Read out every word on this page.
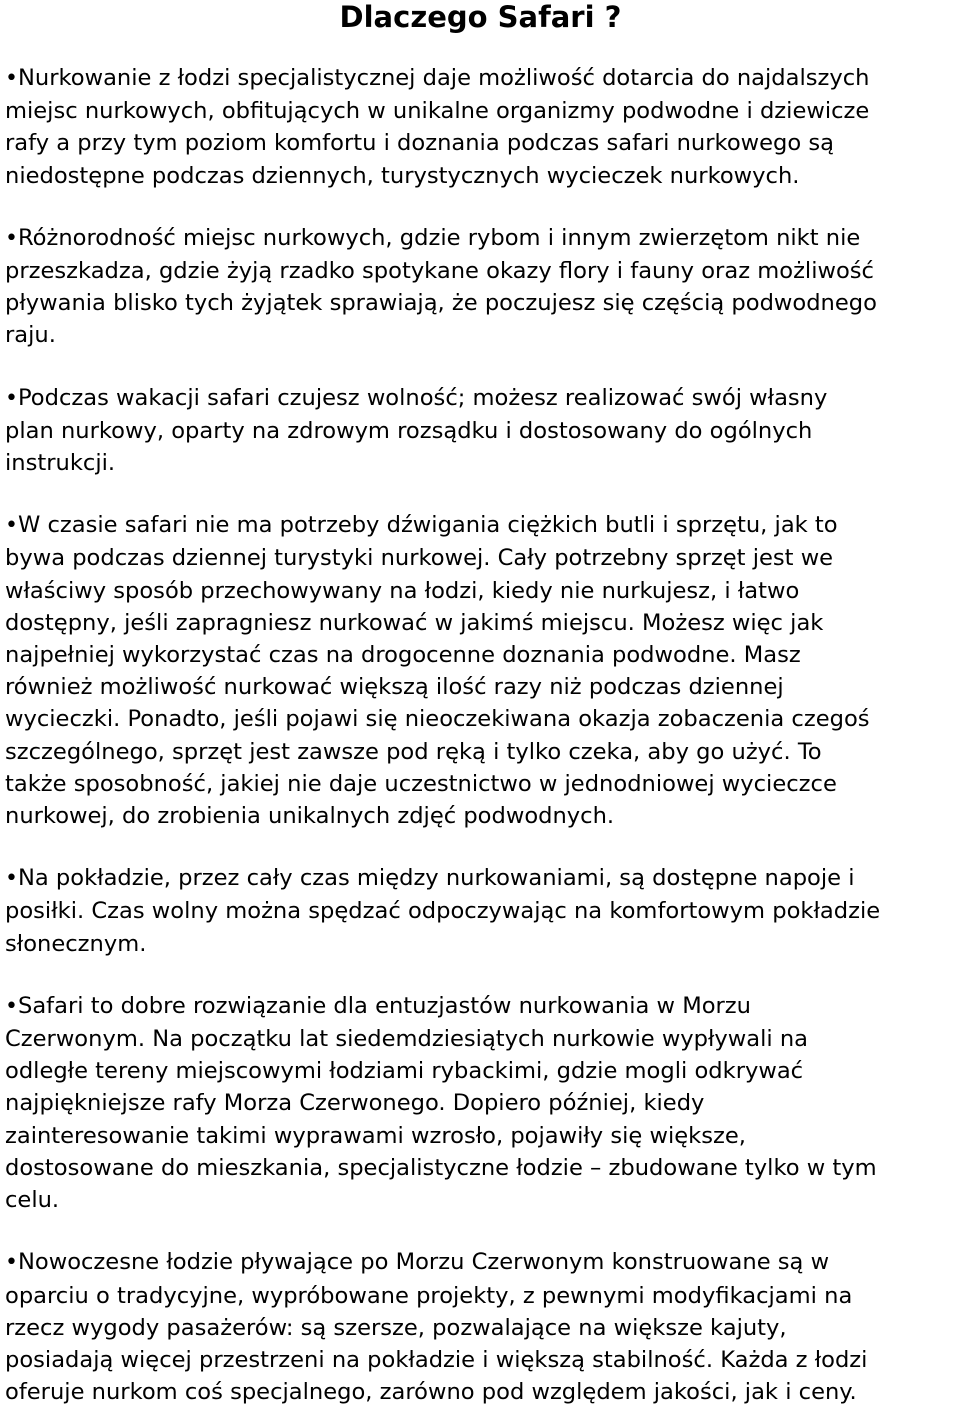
Dlaczego Safari ?

•Nurkowanie z łodzi specjalistycznej daje możliwość dotarcia do najdalszych
miejsc nurkowych, obfitujących w unikalne organizmy podwodne i dziewicze
rafy a przy tym poziom komfortu i doznania podczas safari nurkowego są
niedostępne podczas dziennych, turystycznych wycieczek nurkowych.

•Różnorodność miejsc nurkowych, gdzie rybom i innym zwierzętom nikt nie
przeszkadza, gdzie żyją rzadko spotykane okazy flory i fauny oraz możliwość
pływania blisko tych żyjątek sprawiają, że poczujesz się częścią podwodnego
raju.

•Podczas wakacji safari czujesz wolność; możesz realizować swój własny
plan nurkowy, oparty na zdrowym rozsądku i dostosowany do ogólnych
instrukcji.

•W czasie safari nie ma potrzeby dźwigania ciężkich butli i sprzętu, jak to
bywa podczas dziennej turystyki nurkowej. Cały potrzebny sprzęt jest we
właściwy sposób przechowywany na łodzi, kiedy nie nurkujesz, i łatwo
dostępny, jeśli zapragniesz nurkować w jakimś miejscu. Możesz więc jak
najpełniej wykorzystać czas na drogocenne doznania podwodne. Masz
również możliwość nurkować większą ilość razy niż podczas dziennej
wycieczki. Ponadto, jeśli pojawi się nieoczekiwana okazja zobaczenia czegoś
szczególnego, sprzęt jest zawsze pod ręką i tylko czeka, aby go użyć. To
także sposobność, jakiej nie daje uczestnictwo w jednodniowej wycieczce
nurkowej, do zrobienia unikalnych zdjęć podwodnych.

•Na pokładzie, przez cały czas między nurkowaniami, są dostępne napoje i
posiłki. Czas wolny można spędzać odpoczywając na komfortowym pokładzie
słonecznym.

•Safari to dobre rozwiązanie dla entuzjastów nurkowania w Morzu
Czerwonym. Na początku lat siedemdziesiątych nurkowie wypływali na
odległe tereny miejscowymi łodziami rybackimi, gdzie mogli odkrywać
najpiękniejsze rafy Morza Czerwonego. Dopiero później, kiedy
zainteresowanie takimi wyprawami wzrosło, pojawiły się większe,
dostosowane do mieszkania, specjalistyczne łodzie – zbudowane tylko w tym
celu.

•Nowoczesne łodzie pływające po Morzu Czerwonym konstruowane są w
oparciu o tradycyjne, wypróbowane projekty, z pewnymi modyfikacjami na
rzecz wygody pasażerów: są szersze, pozwalające na większe kajuty,
posiadają więcej przestrzeni na pokładzie i większą stabilność. Każda z łodzi
oferuje nurkom coś specjalnego, zarówno pod względem jakości, jak i ceny.
